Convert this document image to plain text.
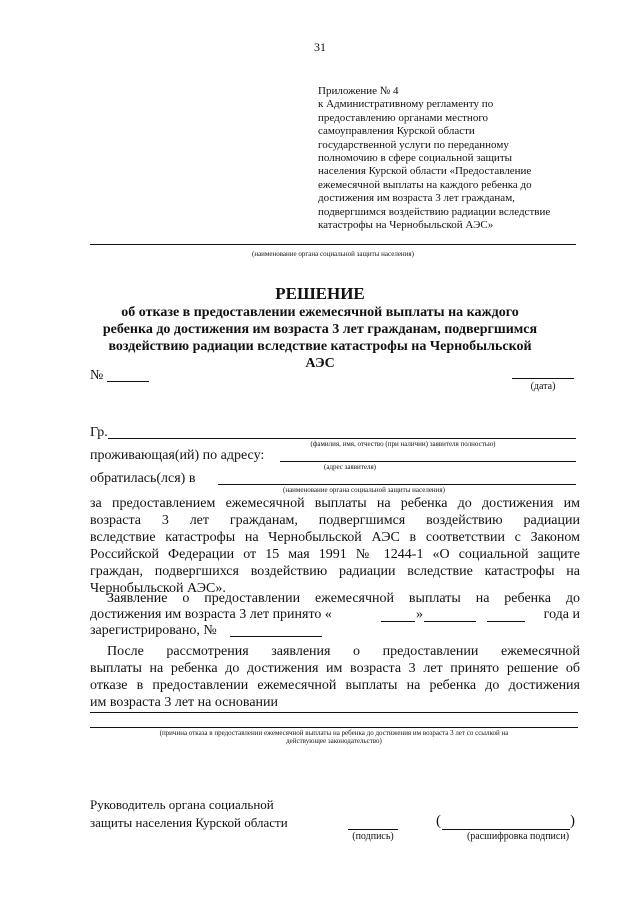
31
Приложение № 4
к Административному регламенту по
предоставлению органами местного
самоуправления Курской области
государственной услуги по переданному
полномочию в сфере социальной защиты
населения Курской области «Предоставление
ежемесячной выплаты на каждого ребенка до
достижения им возраста 3 лет гражданам,
подвергшимся воздействию радиации вследствие
катастрофы на Чернобыльской АЭС»
(наименование органа социальной защиты населения)
РЕШЕНИЕ
об отказе в предоставлении ежемесячной выплаты на каждого
ребенка до достижения им возраста 3 лет гражданам, подвергшимся
воздействию радиации вследствие катастрофы на Чернобыльской
АЭС
№
(дата)
Гр.
(фамилия, имя, отчество (при наличии) заявителя полностью)
проживающая(ий) по адресу:
(адрес заявителя)
обратилась(лся) в
(наименование органа социальной защиты населения)
за предоставлением ежемесячной выплаты на ребенка до достижения им
возраста 3 лет гражданам, подвергшимся воздействию радиации
вследствие катастрофы на Чернобыльской АЭС в соответствии с Законом
Российской Федерации от 15 мая 1991 № 1244-1 «О социальной защите
граждан, подвергшихся воздействию радиации вследствие катастрофы на
Чернобыльской АЭС».
Заявление о предоставлении ежемесячной выплаты на ребенка до
достижения им возраста 3 лет принято «	»	года и
зарегистрировано, №
После рассмотрения заявления о предоставлении ежемесячной
выплаты на ребенка до достижения им возраста 3 лет принято решение об
отказе в предоставлении ежемесячной выплаты на ребенка до достижения
им возраста 3 лет на основании
(причина отказа в предоставлении ежемесячной выплаты на ребенка до достижения им возраста 3 лет со ссылкой на
действующее законодательство)
Руководитель органа социальной
защиты населения Курской области
(подпись)
(	)
(расшифровка подписи)
